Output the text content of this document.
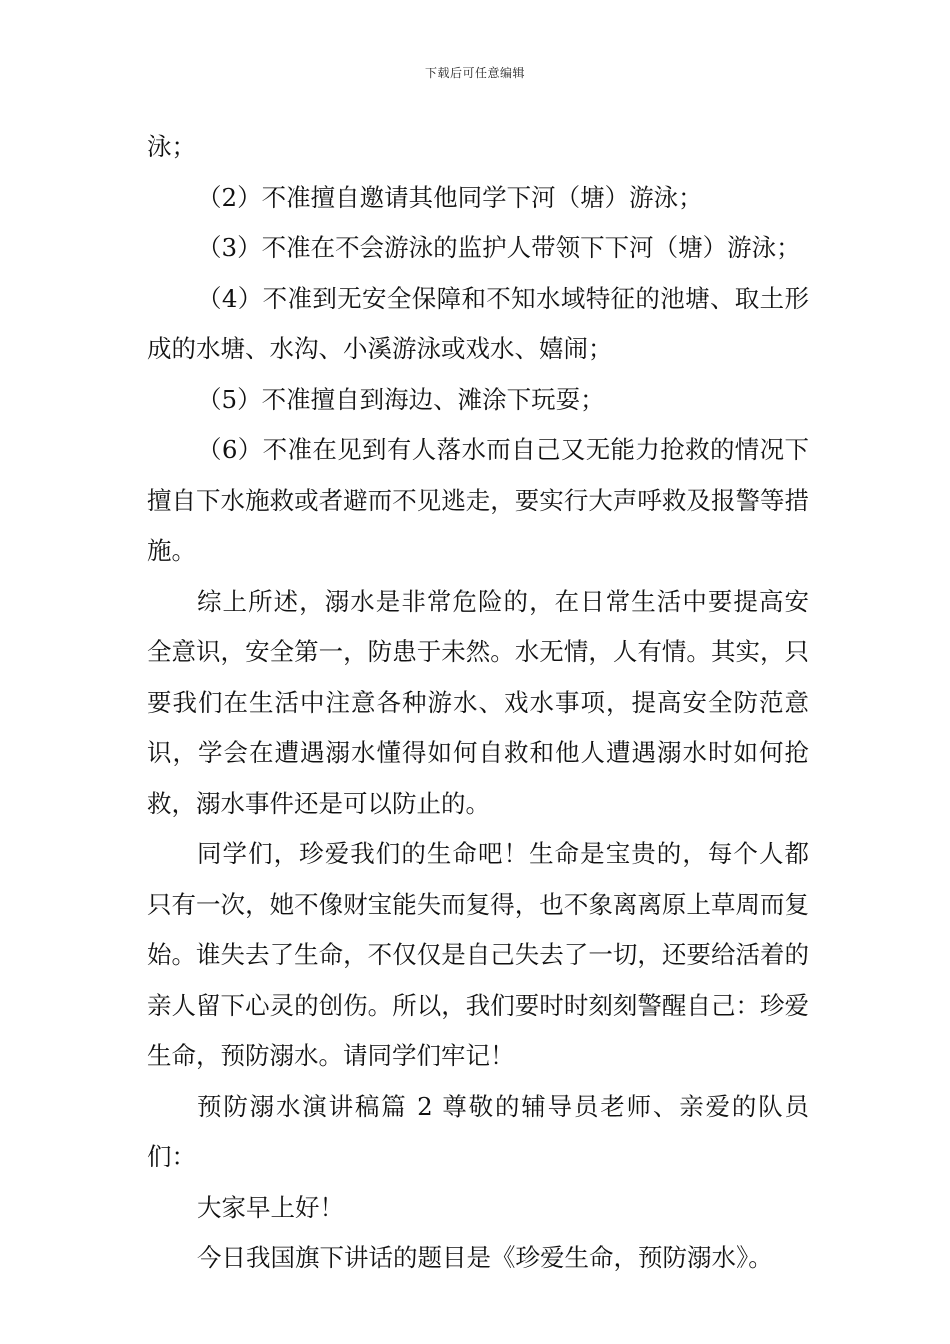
下载后可任意编辑

泳；

（2）不准擅自邀请其他同学下河（塘）游泳；

（3）不准在不会游泳的监护人带领下下河（塘）游泳；

（4）不准到无安全保障和不知水域特征的池塘、取土形成的水塘、水沟、小溪游泳或戏水、嬉闹；

（5）不准擅自到海边、滩涂下玩耍；

（6）不准在见到有人落水而自己又无能力抢救的情况下擅自下水施救或者避而不见逃走，要实行大声呼救及报警等措施。

综上所述，溺水是非常危险的，在日常生活中要提高安全意识，安全第一，防患于未然。水无情，人有情。其实，只要我们在生活中注意各种游水、戏水事项，提高安全防范意识，学会在遭遇溺水懂得如何自救和他人遭遇溺水时如何抢救，溺水事件还是可以防止的。

同学们，珍爱我们的生命吧！生命是宝贵的，每个人都只有一次，她不像财宝能失而复得，也不象离离原上草周而复始。谁失去了生命，不仅仅是自己失去了一切，还要给活着的亲人留下心灵的创伤。所以，我们要时时刻刻警醒自己：珍爱生命，预防溺水。请同学们牢记！

预防溺水演讲稿篇 2 尊敬的辅导员老师、亲爱的队员们：

大家早上好！

今日我国旗下讲话的题目是《珍爱生命，预防溺水》。
